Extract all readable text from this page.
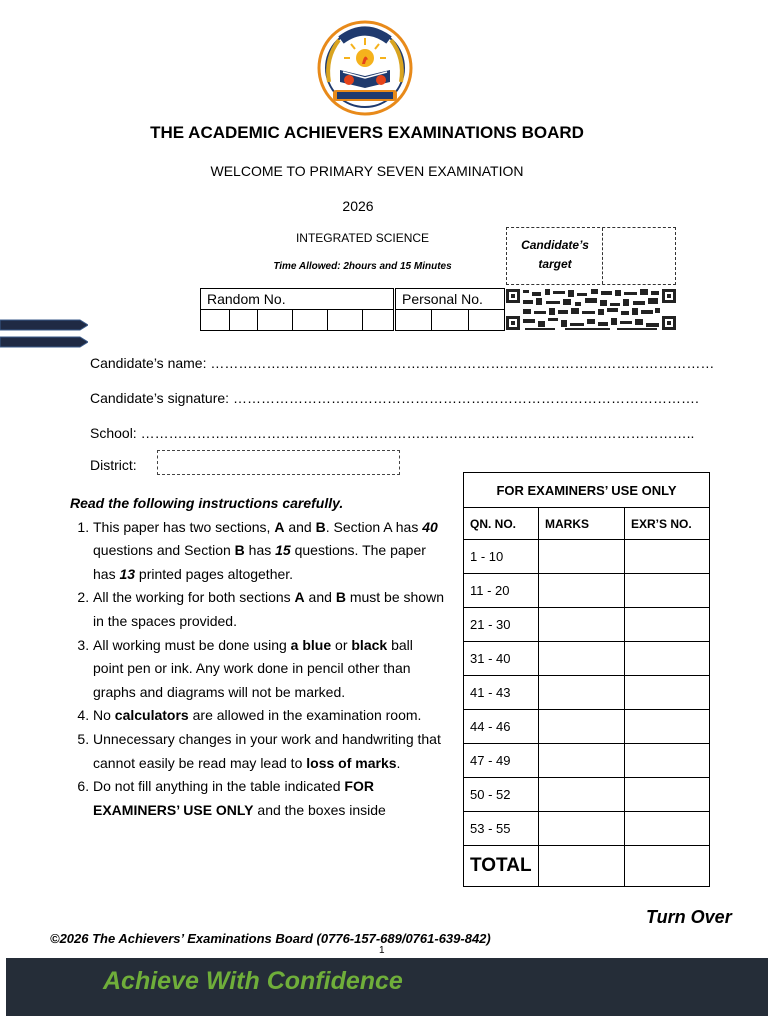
THE ACADEMIC ACHIEVERS EXAMINATIONS BOARD
WELCOME TO PRIMARY SEVEN EXAMINATION
2026
INTEGRATED SCIENCE
Time Allowed: 2hours and 15 Minutes
Candidate’s
target
Random No.						Personal No.		

Candidate’s name: ………………………………………………………………………………………………
Candidate’s signature: ……………………………………………………………………………………….
School: ………………………………………………………………………………………………………..
District:
Read the following instructions carefully.
1. This paper has two sections, A and B. Section A has 40 questions and Section B has 15 questions. The paper has 13 printed pages altogether.
2. All the working for both sections A and B must be shown in the spaces provided.
3. All working must be done using a blue or black ball point pen or ink. Any work done in pencil other than graphs and diagrams will not be marked.
4. No calculators are allowed in the examination room.
5. Unnecessary changes in your work and handwriting that cannot easily be read may lead to loss of marks.
6. Do not fill anything in the table indicated FOR EXAMINERS’ USE ONLY and the boxes inside
FOR EXAMINERS’ USE ONLY		
QN. NO.	MARKS	EXR’S NO.
1 - 10		
11 - 20		
21 - 30		
31 - 40		
41 - 43		
44 - 46		
47 - 49		
50 - 52		
53 - 55		
TOTAL		
Turn Over
©2026 The Achievers’ Examinations Board (0776-157-689/0761-639-842)
1
Achieve With Confidence
